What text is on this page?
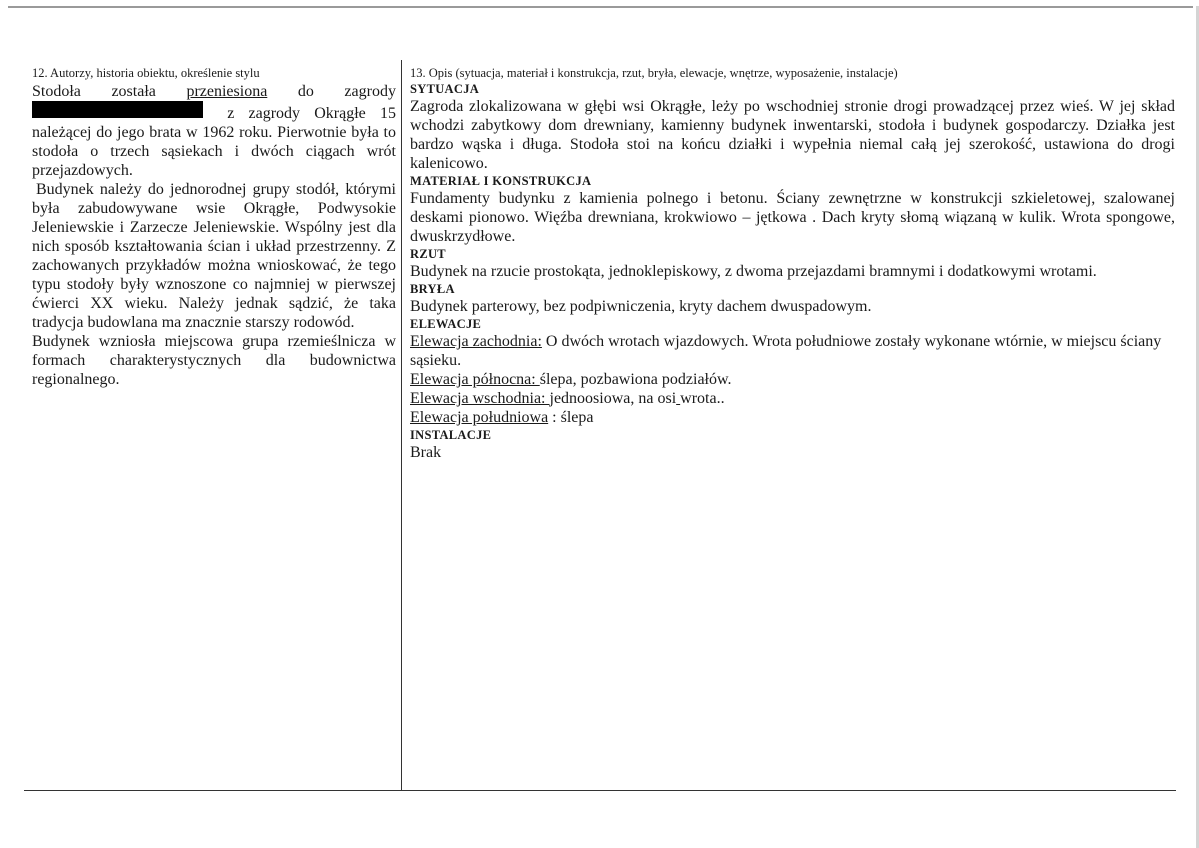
12. Autorzy, historia obiektu, określenie stylu
Stodoła została przeniesiona do zagrody
z zagrody Okrągłe 15

należącej do jego brata w 1962 roku. Pierwotnie była to stodoła o trzech sąsiekach i dwóch ciągach wrót przejazdowych.

Budynek należy do jednorodnej grupy stodół, którymi była zabudowywane wsie Okrągłe, Podwysokie Jeleniewskie i Zarzecze Jeleniewskie. Wspólny jest dla nich sposób kształtowania ścian i układ przestrzenny. Z zachowanych przykładów można wnioskować, że tego typu stodoły były wznoszone co najmniej w pierwszej ćwierci XX wieku. Należy jednak sądzić, że taka tradycja budowlana ma znacznie starszy rodowód.

Budynek wzniosła miejscowa grupa rzemieślnicza w formach charakterystycznych dla budownictwa regionalnego.

13. Opis (sytuacja, materiał i konstrukcja, rzut, bryła, elewacje, wnętrze, wyposażenie, instalacje)
SYTUACJA

Zagroda zlokalizowana w głębi wsi Okrągłe, leży po wschodniej stronie drogi prowadzącej przez wieś. W jej skład wchodzi zabytkowy dom drewniany, kamienny budynek inwentarski, stodoła i budynek gospodarczy. Działka jest bardzo wąska i długa. Stodoła stoi na końcu działki i wypełnia niemal całą jej szerokość, ustawiona do drogi kalenicowo.

MATERIAŁ I KONSTRUKCJA

Fundamenty budynku z kamienia polnego i betonu. Ściany zewnętrzne w konstrukcji szkieletowej, szalowanej deskami pionowo. Więźba drewniana, krokwiowo – jętkowa . Dach kryty słomą wiązaną w kulik. Wrota spongowe, dwuskrzydłowe.

RZUT

Budynek na rzucie prostokąta, jednoklepiskowy, z dwoma przejazdami bramnymi i dodatkowymi wrotami.

BRYŁA

Budynek parterowy, bez podpiwniczenia, kryty dachem dwuspadowym.

ELEWACJE

Elewacja zachodnia: O dwóch wrotach wjazdowych. Wrota południowe zostały wykonane wtórnie, w miejscu ściany sąsieku.

Elewacja północna: ślepa, pozbawiona podziałów.

Elewacja wschodnia: jednoosiowa, na osi wrota..

Elewacja południowa : ślepa

INSTALACJE

Brak
